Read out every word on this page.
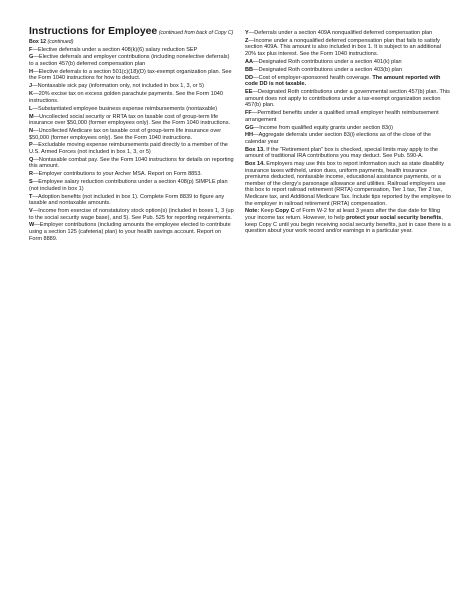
Instructions for Employee (continued from back of Copy C)
Box 12 (continued)
F—Elective deferrals under a section 408(k)(6) salary reduction SEP
G—Elective deferrals and employer contributions (including nonelective deferrals) to a section 457(b) deferred compensation plan
H—Elective deferrals to a section 501(c)(18)(D) tax-exempt organization plan. See the Form 1040 instructions for how to deduct.
J—Nontaxable sick pay (information only, not included in box 1, 3, or 5)
K—20% excise tax on excess golden parachute payments. See the Form 1040 instructions.
L—Substantiated employee business expense reimbursements (nontaxable)
M—Uncollected social security or RRTA tax on taxable cost of group-term life insurance over $50,000 (former employees only). See the Form 1040 instructions.
N—Uncollected Medicare tax on taxable cost of group-term life insurance over $50,000 (former employees only). See the Form 1040 instructions.
P—Excludable moving expense reimbursements paid directly to a member of the U.S. Armed Forces (not included in box 1, 3, or 5)
Q—Nontaxable combat pay. See the Form 1040 instructions for details on reporting this amount.
R—Employer contributions to your Archer MSA. Report on Form 8853.
S—Employee salary reduction contributions under a section 408(p) SIMPLE plan (not included in box 1)
T—Adoption benefits (not included in box 1). Complete Form 8839 to figure any taxable and nontaxable amounts.
V—Income from exercise of nonstatutory stock option(s) (included in boxes 1, 3 (up to the social security wage base), and 5). See Pub. 525 for reporting requirements.
W—Employer contributions (including amounts the employee elected to contribute using a section 125 (cafeteria) plan) to your health savings account. Report on Form 8889.
Y—Deferrals under a section 409A nonqualified deferred compensation plan
Z—Income under a nonqualified deferred compensation plan that fails to satisfy section 409A. This amount is also included in box 1. It is subject to an additional 20% tax plus interest. See the Form 1040 instructions.
AA—Designated Roth contributions under a section 401(k) plan
BB—Designated Roth contributions under a section 403(b) plan
DD—Cost of employer-sponsored health coverage. The amount reported with code DD is not taxable.
EE—Designated Roth contributions under a governmental section 457(b) plan. This amount does not apply to contributions under a tax-exempt organization section 457(b) plan.
FF—Permitted benefits under a qualified small employer health reimbursement arrangement
GG—Income from qualified equity grants under section 83(i)
HH—Aggregate deferrals under section 83(i) elections as of the close of the calendar year
Box 13. If the “Retirement plan” box is checked, special limits may apply to the amount of traditional IRA contributions you may deduct. See Pub. 590-A.
Box 14. Employers may use this box to report information such as state disability insurance taxes withheld, union dues, uniform payments, health insurance premiums deducted, nontaxable income, educational assistance payments, or a member of the clergy’s parsonage allowance and utilities. Railroad employers use this box to report railroad retirement (RRTA) compensation, Tier 1 tax, Tier 2 tax, Medicare tax, and Additional Medicare Tax. Include tips reported by the employee to the employer in railroad retirement (RRTA) compensation.
Note: Keep Copy C of Form W-2 for at least 3 years after the due date for filing your income tax return. However, to help protect your social security benefits, keep Copy C until you begin receiving social security benefits, just in case there is a question about your work record and/or earnings in a particular year.
